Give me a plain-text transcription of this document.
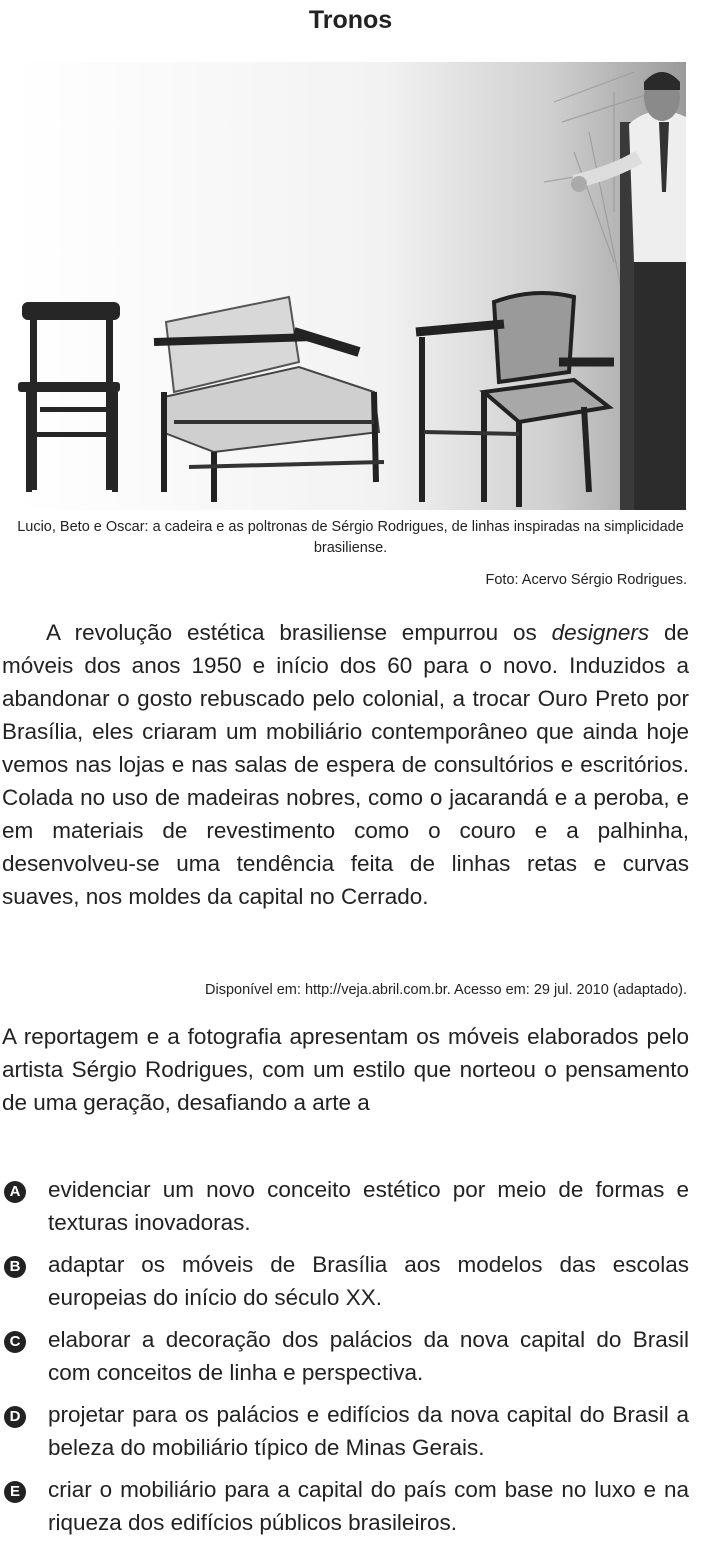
Tronos
Lucio, Beto e Oscar: a cadeira e as poltronas de Sérgio Rodrigues, de linhas inspiradas na simplicidade brasiliense.
Foto: Acervo Sérgio Rodrigues.

A revolução estética brasiliense empurrou os designers de móveis dos anos 1950 e início dos 60 para o novo. Induzidos a abandonar o gosto rebuscado pelo colonial, a trocar Ouro Preto por Brasília, eles criaram um mobiliário contemporâneo que ainda hoje vemos nas lojas e nas salas de espera de consultórios e escritórios. Colada no uso de madeiras nobres, como o jacarandá e a peroba, e em materiais de revestimento como o couro e a palhinha, desenvolveu-se uma tendência feita de linhas retas e curvas suaves, nos moldes da capital no Cerrado.

Disponível em: http://veja.abril.com.br. Acesso em: 29 jul. 2010 (adaptado).

A reportagem e a fotografia apresentam os móveis elaborados pelo artista Sérgio Rodrigues, com um estilo que norteou o pensamento de uma geração, desafiando a arte a

A evidenciar um novo conceito estético por meio de formas e texturas inovadoras.
B adaptar os móveis de Brasília aos modelos das escolas europeias do início do século XX.
C elaborar a decoração dos palácios da nova capital do Brasil com conceitos de linha e perspectiva.
D projetar para os palácios e edifícios da nova capital do Brasil a beleza do mobiliário típico de Minas Gerais.
E criar o mobiliário para a capital do país com base no luxo e na riqueza dos edifícios públicos brasileiros.
